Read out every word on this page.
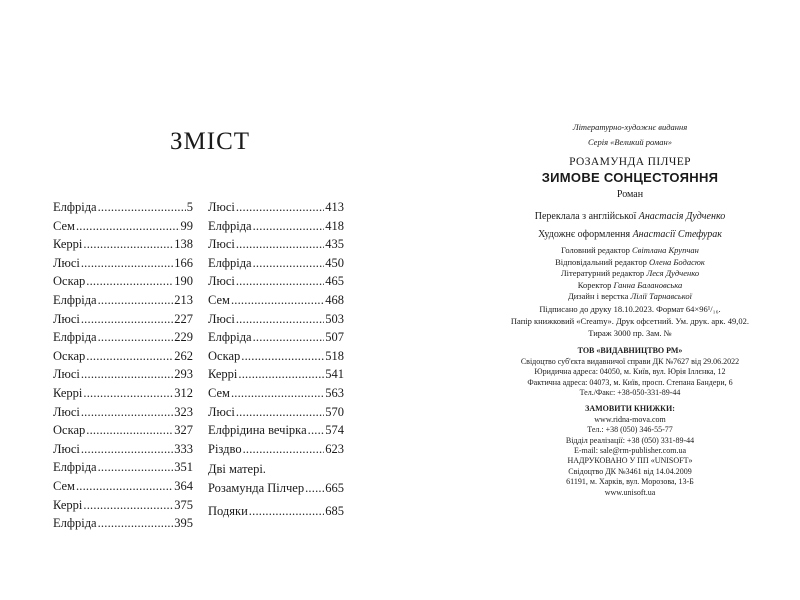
ЗМІСТ
Елфріда .....	5
Сем .....	99
Керрі .....	138
Люсі .....	166
Оскар .....	190
Елфріда .....	213
Люсі .....	227
Елфріда .....	229
Оскар .....	262
Люсі .....	293
Керрі .....	312
Люсі .....	323
Оскар .....	327
Люсі .....	333
Елфріда .....	351
Сем .....	364
Керрі .....	375
Елфріда .....	395
Люсі .....	413
Елфріда .....	418
Люсі .....	435
Елфріда .....	450
Люсі .....	465
Сем .....	468
Люсі .....	503
Елфріда .....	507
Оскар .....	518
Керрі .....	541
Сем .....	563
Люсі .....	570
Елфрідина вечірка ..... 574
Різдво .....	623
Дві матері.
Розамунда Пілчер ..... 665
Подяки .....	685
Літературно-художнє видання
Серія «Великий роман»
РОЗАМУНДА ПІЛЧЕР
ЗИМОВЕ СОНЦЕСТОЯННЯ
Роман
Переклала з англійської Анастасія Дудченко
Художнє оформлення Анастасії Стефурак
Головний редактор Світлана Крупчан
Відповідальний редактор Олена Бодасюк
Літературний редактор Леся Дудченко
Коректор Ганна Балановська
Дизайн і верстка Лілії Тарнавської
Підписано до друку 18.10.2023. Формат 64×96¹/₁₆.
Папір книжковий «Creamy». Друк офсетний. Ум. друк. арк. 49,02.
Тираж 3000 пр. Зам. №
ТОВ «ВИДАВНИЦТВО РМ»
Свідоцтво суб'єкта видавничої справи ДК №7627 від 29.06.2022
Юридична адреса: 04050, м. Київ, вул. Юрія Іллєнка, 12
Фактична адреса: 04073, м. Київ, просп. Степана Бандери, 6
Тел./Факс: +38-050-331-89-44
ЗАМОВИТИ КНИЖКИ:
www.ridna-mova.com
Тел.: +38 (050) 346-55-77
Відділ реалізації: +38 (050) 331-89-44
E-mail: sale@rm-publisher.com.ua
НАДРУКОВАНО У ПП «UNISOFT»
Свідоцтво ДК №3461 від 14.04.2009
61191, м. Харків, вул. Морозова, 13-Б
www.unisoft.ua
